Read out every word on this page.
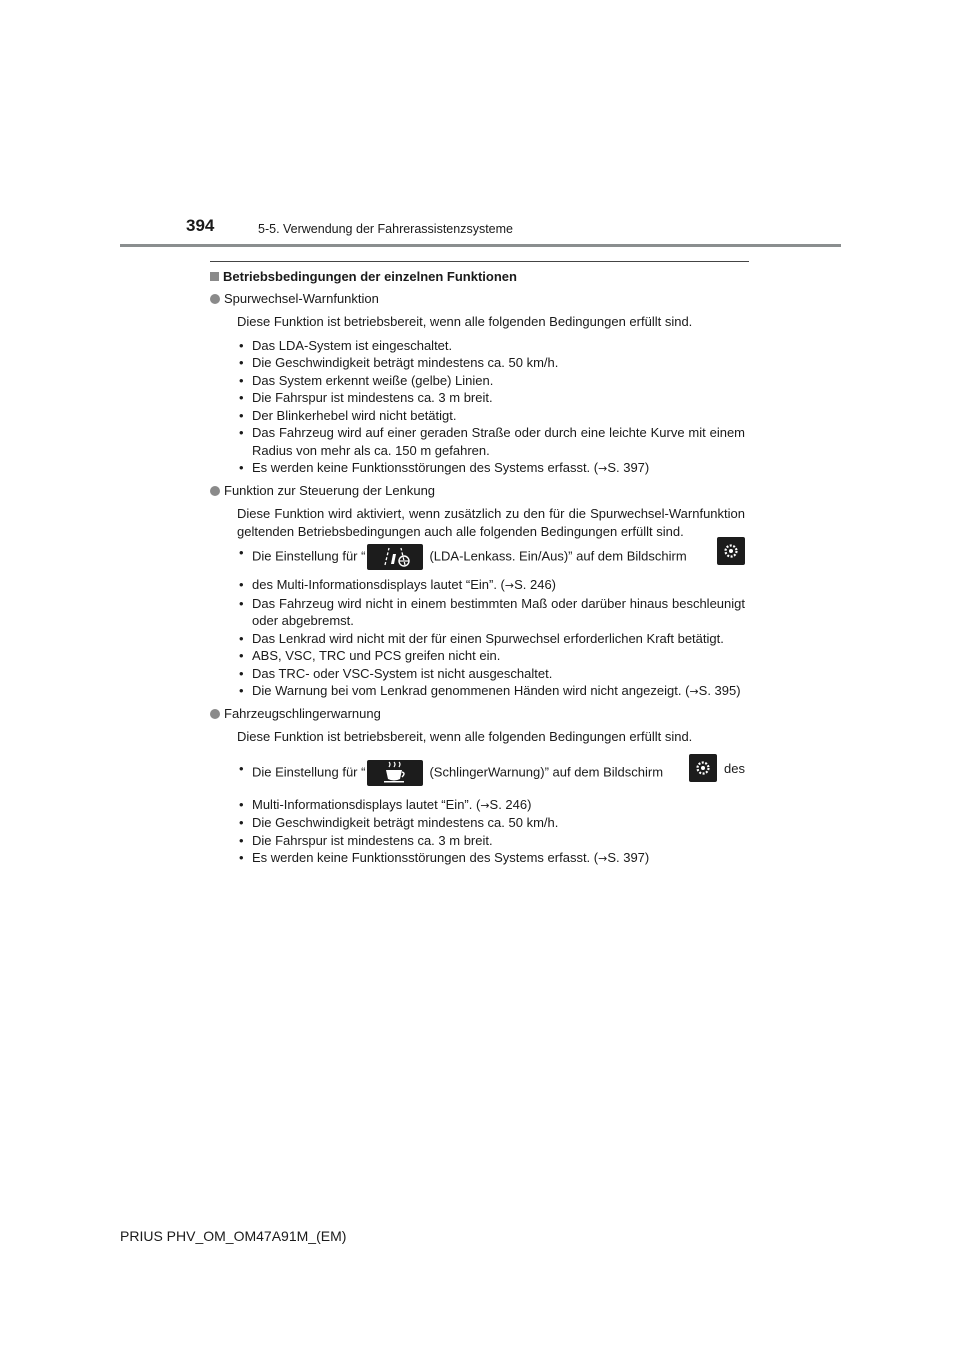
394	5-5. Verwendung der Fahrerassistenzsysteme

Betriebsbedingungen der einzelnen Funktionen

Spurwechsel-Warnfunktion

Diese Funktion ist betriebsbereit, wenn alle folgenden Bedingungen erfüllt sind.

• Das LDA-System ist eingeschaltet.
• Die Geschwindigkeit beträgt mindestens ca. 50 km/h.
• Das System erkennt weiße (gelbe) Linien.
• Die Fahrspur ist mindestens ca. 3 m breit.
• Der Blinkerhebel wird nicht betätigt.
• Das Fahrzeug wird auf einer geraden Straße oder durch eine leichte Kurve mit einem Radius von mehr als ca. 150 m gefahren.
• Es werden keine Funktionsstörungen des Systems erfasst. (→S. 397)

Funktion zur Steuerung der Lenkung

Diese Funktion wird aktiviert, wenn zusätzlich zu den für die Spurwechsel-Warnfunktion geltenden Betriebsbedingungen auch alle folgenden Bedingungen erfüllt sind.

• Die Einstellung für “	(LDA-Lenkass. Ein/Aus)” auf dem Bildschirm
• des Multi-Informationsdisplays lautet “Ein”. (→S. 246)
• Das Fahrzeug wird nicht in einem bestimmten Maß oder darüber hinaus beschleunigt oder abgebremst.
• Das Lenkrad wird nicht mit der für einen Spurwechsel erforderlichen Kraft betätigt.
• ABS, VSC, TRC und PCS greifen nicht ein.
• Das TRC- oder VSC-System ist nicht ausgeschaltet.
• Die Warnung bei vom Lenkrad genommenen Händen wird nicht angezeigt. (→S. 395)

Fahrzeugschlingerwarnung

Diese Funktion ist betriebsbereit, wenn alle folgenden Bedingungen erfüllt sind.

• Die Einstellung für “	(SchlingerWarnung)” auf dem Bildschirm	des
• Multi-Informationsdisplays lautet “Ein”. (→S. 246)
• Die Geschwindigkeit beträgt mindestens ca. 50 km/h.
• Die Fahrspur ist mindestens ca. 3 m breit.
• Es werden keine Funktionsstörungen des Systems erfasst. (→S. 397)
PRIUS PHV_OM_OM47A91M_(EM)
